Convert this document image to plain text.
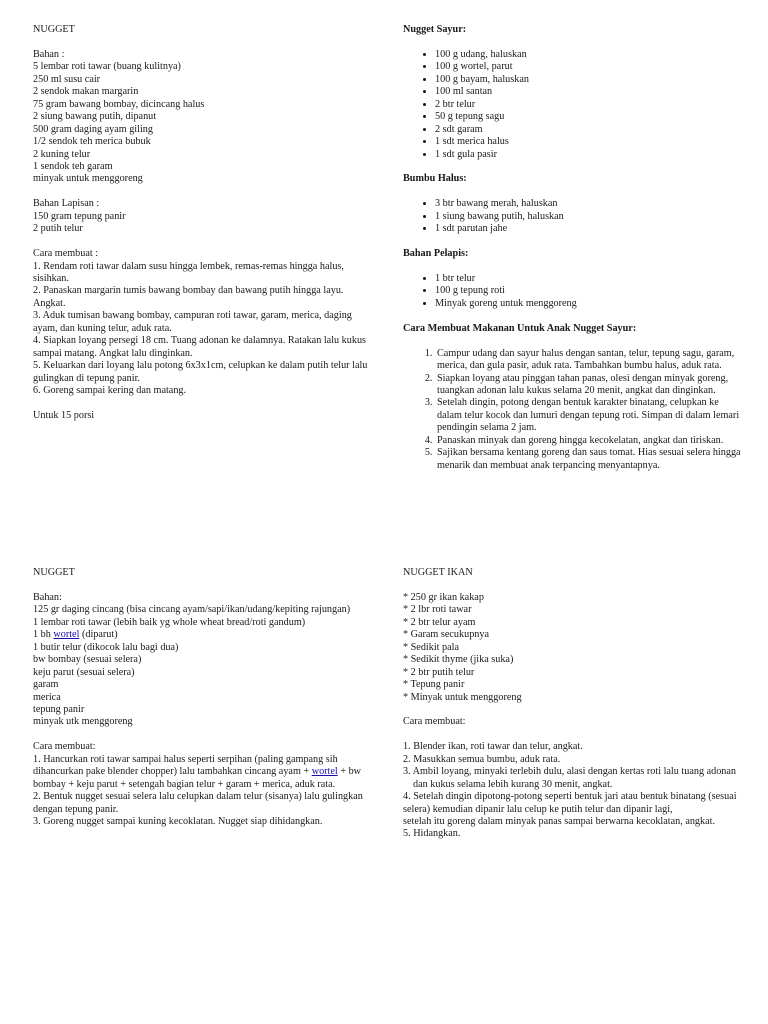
NUGGET
Bahan :
5 lembar roti tawar (buang kulitnya)
250 ml susu cair
2 sendok makan margarin
75 gram bawang bombay, dicincang halus
2 siung bawang putih, dipanut
500 gram daging ayam giling
1/2 sendok teh merica bubuk
2 kuning telur
1 sendok teh garam
minyak untuk menggoreng
Bahan Lapisan :
150 gram tepung panir
2 putih telur
Cara membuat :
1. Rendam roti tawar dalam susu hingga lembek, remas-remas hingga halus, sisihkan.
2. Panaskan margarin tumis bawang bombay dan bawang putih hingga layu. Angkat.
3. Aduk tumisan bawang bombay, campuran roti tawar, garam, merica, daging ayam, dan kuning telur, aduk rata.
4. Siapkan loyang persegi 18 cm. Tuang adonan ke dalamnya. Ratakan lalu kukus sampai matang. Angkat lalu dinginkan.
5. Keluarkan dari loyang lalu potong 6x3x1cm, celupkan ke dalam putih telur lalu gulingkan di tepung panir.
6. Goreng sampai kering dan matang.
Untuk 15 porsi
Nugget Sayur:
• 100 g udang, haluskan
• 100 g wortel, parut
• 100 g bayam, haluskan
• 100 ml santan
• 2 btr telur
• 50 g tepung sagu
• 2 sdt garam
• 1 sdt merica halus
• 1 sdt gula pasir
Bumbu Halus:
• 3 btr bawang merah, haluskan
• 1 siung bawang putih, haluskan
• 1 sdt parutan jahe
Bahan Pelapis:
• 1 btr telur
• 100 g tepung roti
• Minyak goreng untuk menggoreng
Cara Membuat Makanan Untuk Anak Nugget Sayur:
1. Campur udang dan sayur halus dengan santan, telur, tepung sagu, garam, merica, dan gula pasir, aduk rata. Tambahkan bumbu halus, aduk rata.
2. Siapkan loyang atau pinggan tahan panas, olesi dengan minyak goreng, tuangkan adonan lalu kukus selama 20 menit, angkat dan dinginkan.
3. Setelah dingin, potong dengan bentuk karakter binatang, celupkan ke dalam telur kocok dan lumuri dengan tepung roti. Simpan di dalam lemari pendingin selama 2 jam.
4. Panaskan minyak dan goreng hingga kecokelatan, angkat dan tiriskan.
5. Sajikan bersama kentang goreng dan saus tomat. Hias sesuai selera hingga menarik dan membuat anak terpancing menyantapnya.
NUGGET
Bahan:
125 gr daging cincang (bisa cincang ayam/sapi/ikan/udang/kepiting rajungan)
1 lembar roti tawar (lebih baik yg whole wheat bread/roti gandum)
1 bh wortel (diparut)
1 butir telur (dikocok lalu bagi dua)
bw bombay (sesuai selera)
keju parut (sesuai selera)
garam
merica
tepung panir
minyak utk menggoreng
Cara membuat:
1. Hancurkan roti tawar sampai halus seperti serpihan (paling gampang sih dihancurkan pake blender chopper) lalu tambahkan cincang ayam + wortel + bw bombay + keju parut + setengah bagian telur + garam + merica, aduk rata.
2. Bentuk nugget sesuai selera lalu celupkan dalam telur (sisanya) lalu gulingkan dengan tepung panir.
3. Goreng nugget sampai kuning kecoklatan. Nugget siap dihidangkan.
NUGGET IKAN
* 250 gr ikan kakap
* 2 lbr roti tawar
* 2 btr telur ayam
* Garam secukupnya
* Sedikit pala
* Sedikit thyme (jika suka)
* 2 btr putih telur
* Tepung panir
* Minyak untuk menggoreng
Cara membuat:
1. Blender ikan, roti tawar dan telur, angkat.
2. Masukkan semua bumbu, aduk rata.
3. Ambil loyang, minyaki terlebih dulu, alasi dengan kertas roti lalu tuang adonan dan kukus selama lebih kurang 30 menit, angkat.
4. Setelah dingin dipotong-potong seperti bentuk jari atau bentuk binatang (sesuai selera) kemudian dipanir lalu celup ke putih telur dan dipanir lagi,
setelah itu goreng dalam minyak panas sampai berwarna kecoklatan, angkat.
5. Hidangkan.
